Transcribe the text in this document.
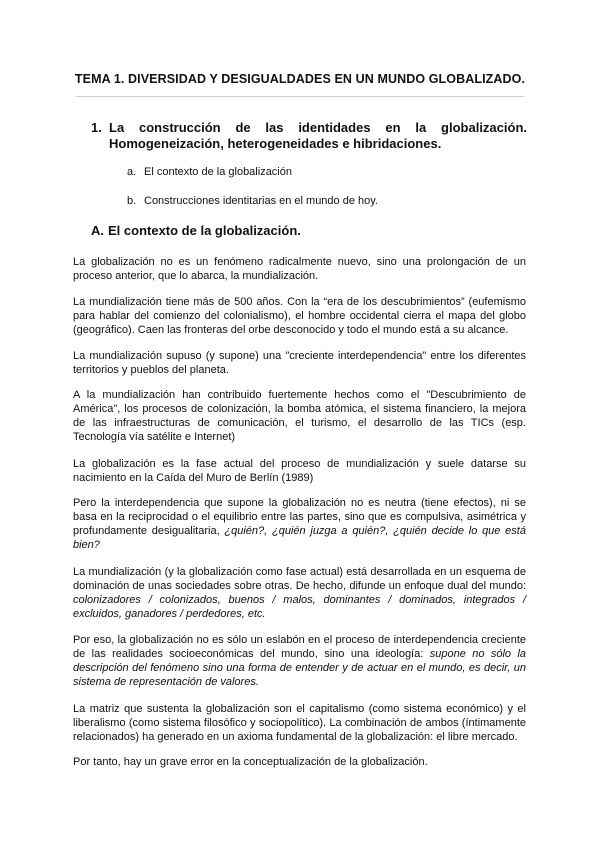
TEMA 1. DIVERSIDAD Y DESIGUALDADES EN UN MUNDO GLOBALIZADO.
1. La construcción de las identidades en la globalización.
Homogeneización, heterogeneidades e hibridaciones.
a. El contexto de la globalización
b. Construcciones identitarias en el mundo de hoy.
A. El contexto de la globalización.
La globalización no es un fenómeno radicalmente nuevo, sino una prolongación de un
proceso anterior, que lo abarca, la mundialización.
La mundialización tiene más de 500 años. Con la “era de los descubrimientos” (eufemismo
para hablar del comienzo del colonialismo), el hombre occidental cierra el mapa del globo
(geográfico). Caen las fronteras del orbe desconocido y todo el mundo está a su alcance.
La mundialización supuso (y supone) una "creciente interdependencia" entre los diferentes
territorios y pueblos del planeta.
A la mundialización han contribuido fuertemente hechos como el "Descubrimiento de
América", los procesos de colonización, la bomba atómica, el sistema financiero, la mejora
de las infraestructuras de comunicación, el turismo, el desarrollo de las TICs (esp.
Tecnología vía satélite e Internet)
La globalización es la fase actual del proceso de mundialización y suele datarse su
nacimiento en la Caída del Muro de Berlín (1989)
Pero la interdependencia que supone la globalización no es neutra (tiene efectos), ni se
basa en la reciprocidad o el equilibrio entre las partes, sino que es compulsiva, asimétrica y
profundamente desigualitaria, ¿quién?, ¿quién juzga a quién?, ¿quién decide lo que está
bien?
La mundialización (y la globalización como fase actual) está desarrollada en un esquema de
dominación de unas sociedades sobre otras. De hecho, difunde un enfoque dual del mundo:
colonizadores / colonizados, buenos / malos, dominantes / dominados, integrados /
excluidos, ganadores / perdedores, etc.
Por eso, la globalización no es sólo un eslabón en el proceso de interdependencia creciente
de las realidades socioeconómicas del mundo, sino una ideología: supone no sólo la
descripción del fenómeno sino una forma de entender y de actuar en el mundo, es decir, un
sistema de representación de valores.
La matriz que sustenta la globalización son el capitalismo (como sistema económico) y el
liberalismo (como sistema filosófico y sociopolítico). La combinación de ambos (íntimamente
relacionados) ha generado en un axioma fundamental de la globalización: el libre mercado.
Por tanto, hay un grave error en la conceptualización de la globalización.
